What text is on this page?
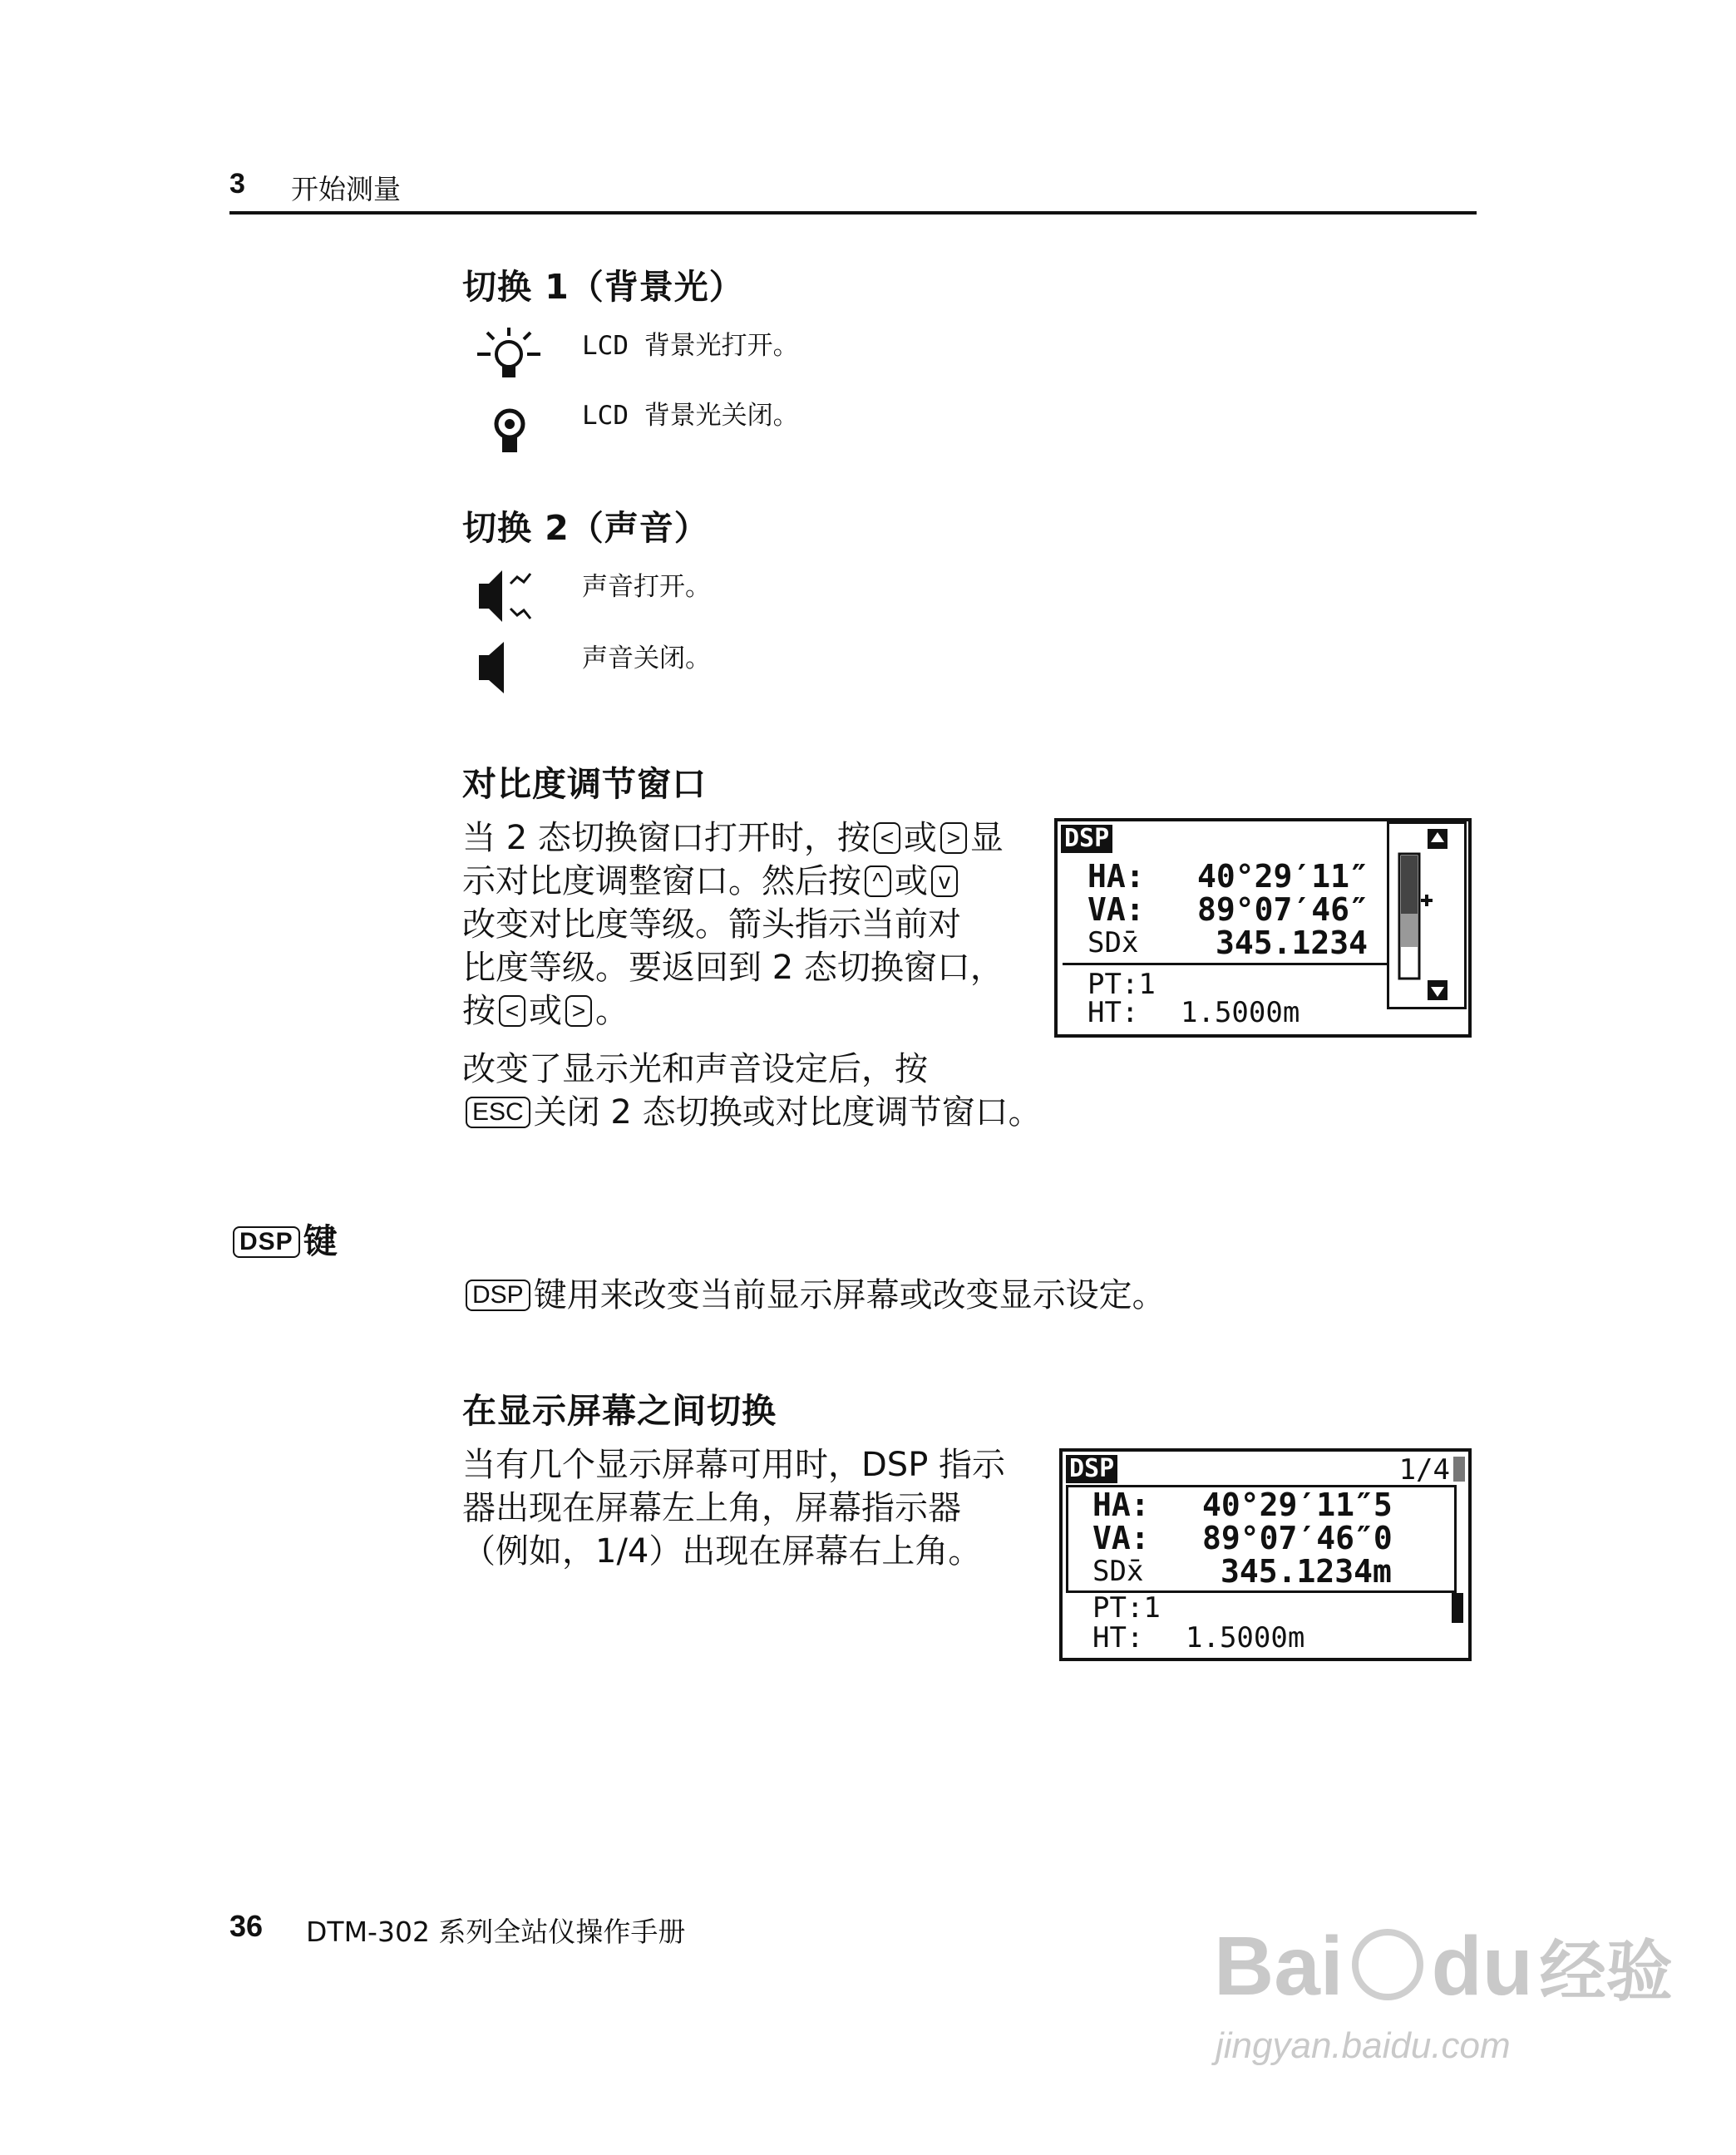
3 开始测量
切换 1（背景光）
LCD 背景光打开。
LCD 背景光关闭。
切换 2（声音）
声音打开。
声音关闭。
对比度调节窗口
当 2 态切换窗口打开时，按 < 或 > 显
示对比度调整窗口。然后按 ^ 或 v
改变对比度等级。箭头指示当前对
比度等级。要返回到 2 态切换窗口，
按 < 或 > 。
改变了显示光和声音设定后，按
ESC 关闭 2 态切换或对比度调节窗口。
DSP
HA: 40°29′11″
VA: 89°07′46″
SDx̄ 345.1234
PT:1
HT: 1.5000m
DSP 键
DSP 键用来改变当前显示屏幕或改变显示设定。
在显示屏幕之间切换
当有几个显示屏幕可用时，DSP 指示
器出现在屏幕左上角，屏幕指示器
（例如，1/4）出现在屏幕右上角。
DSP	1/4
HA: 40°29′11″5
VA: 89°07′46″0
SDx̄ 345.1234m
PT:1
HT: 1.5000m
36 DTM-302 系列全站仪操作手册	Bai du 经验
jingyan.baidu.com
